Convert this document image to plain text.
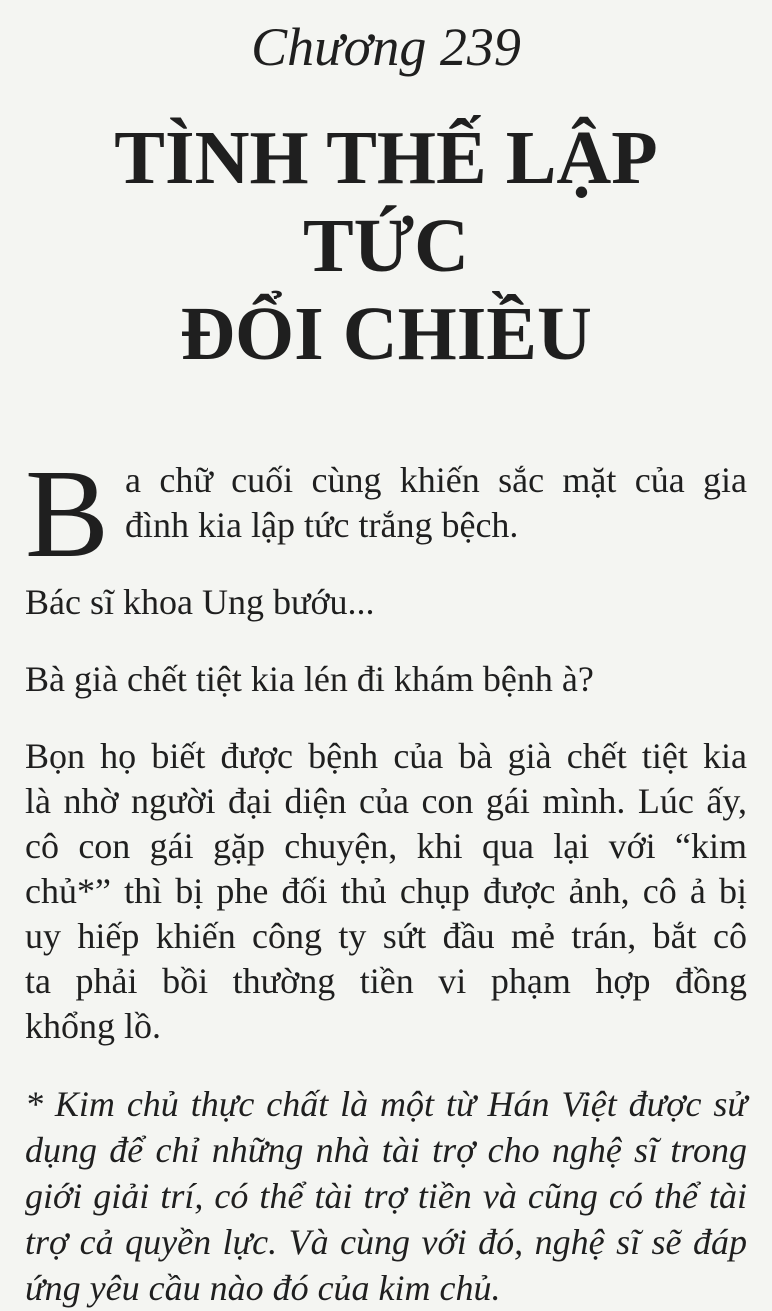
Chương 239
TÌNH THẾ LẬP TỨC
ĐỔI CHIỀU
B a chữ cuối cùng khiến sắc mặt của gia
đình kia lập tức trắng bệch.
Bác sĩ khoa Ung bướu...
Bà già chết tiệt kia lén đi khám bệnh à?
Bọn họ biết được bệnh của bà già chết tiệt kia
là nhờ người đại diện của con gái mình. Lúc ấy,
cô con gái gặp chuyện, khi qua lại với “kim
chủ*” thì bị phe đối thủ chụp được ảnh, cô ả bị
uy hiếp khiến công ty sứt đầu mẻ trán, bắt cô
ta phải bồi thường tiền vi phạm hợp đồng
khổng lồ.
* Kim chủ thực chất là một từ Hán Việt được sử
dụng để chỉ những nhà tài trợ cho nghệ sĩ trong
giới giải trí, có thể tài trợ tiền và cũng có thể tài
trợ cả quyền lực. Và cùng với đó, nghệ sĩ sẽ đáp
ứng yêu cầu nào đó của kim chủ.
